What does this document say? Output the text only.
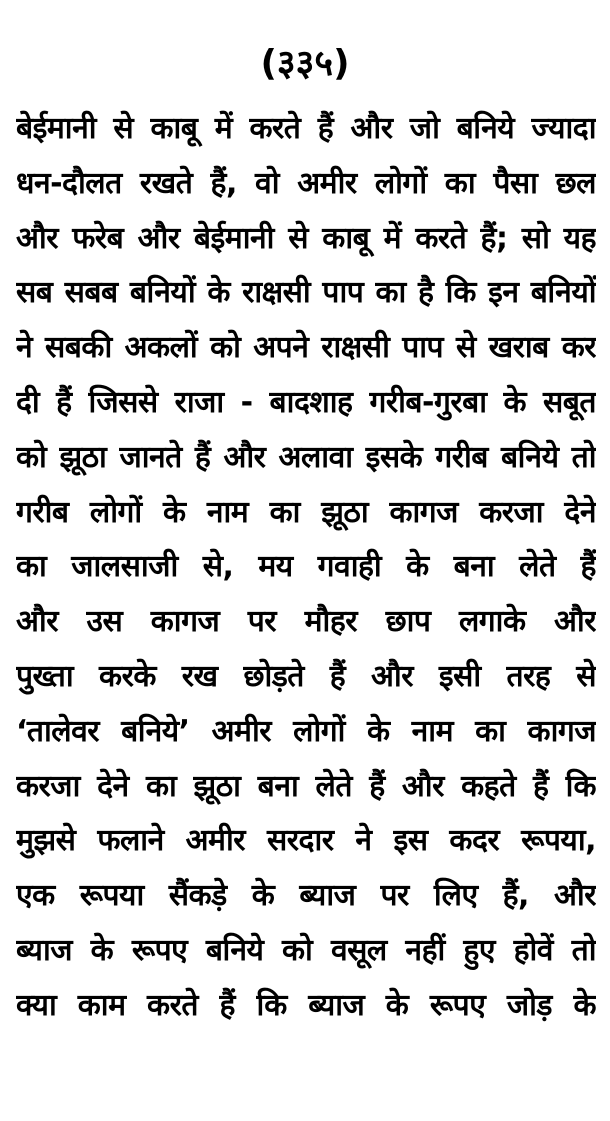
(३३५)
बेईमानी से काबू में करते हैं और जो बनिये ज्यादा
धन-दौलत रखते हैं, वो अमीर लोगों का पैसा छल
और फरेब और बेईमानी से काबू में करते हैं; सो यह
सब सबब बनियों के राक्षसी पाप का है कि इन बनियों
ने सबकी अकलों को अपने राक्षसी पाप से खराब कर
दी हैं जिससे राजा - बादशाह गरीब-गुरबा के सबूत
को झूठा जानते हैं और अलावा इसके गरीब बनिये तो
गरीब लोगों के नाम का झूठा कागज करजा देने
का जालसाजी से, मय गवाही के बना लेते हैं
और उस कागज पर मौहर छाप लगाके और
पुख्ता करके रख छोड़ते हैं और इसी तरह से
‘तालेवर बनिये’ अमीर लोगों के नाम का कागज
करजा देने का झूठा बना लेते हैं और कहते हैं कि
मुझसे फलाने अमीर सरदार ने इस कदर रूपया,
एक रूपया सैंकड़े के ब्याज पर लिए हैं, और
ब्याज के रूपए बनिये को वसूल नहीं हुए होवें तो
क्या काम करते हैं कि ब्याज के रूपए जोड़ के
